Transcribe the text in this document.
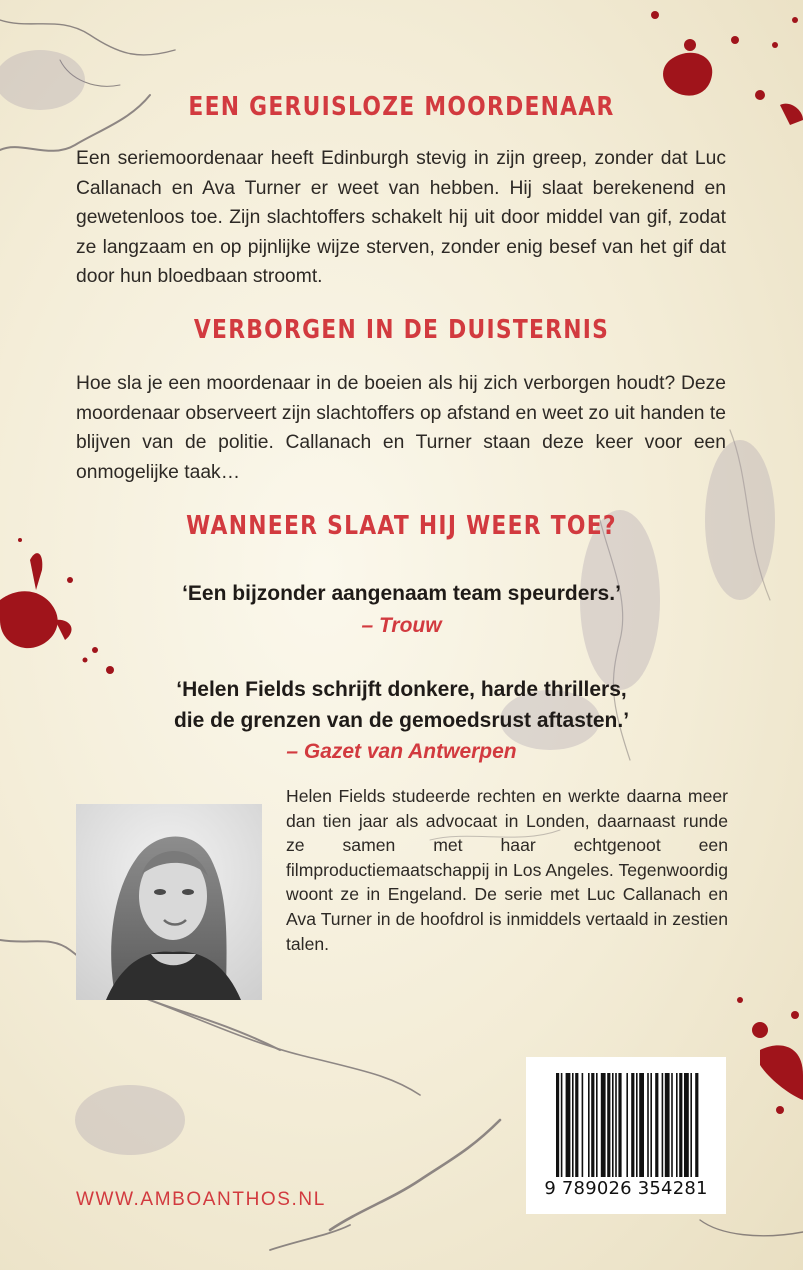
EEN GERUISLOZE MOORDENAAR

Een seriemoordenaar heeft Edinburgh stevig in zijn greep, zonder dat Luc Callanach en Ava Turner er weet van hebben. Hij slaat berekenend en gewetenloos toe. Zijn slachtoffers schakelt hij uit door middel van gif, zodat ze langzaam en op pijnlijke wijze sterven, zonder enig besef van het gif dat door hun bloedbaan stroomt.

VERBORGEN IN DE DUISTERNIS

Hoe sla je een moordenaar in de boeien als hij zich verborgen houdt? Deze moordenaar observeert zijn slachtoffers op afstand en weet zo uit handen te blijven van de politie. Callanach en Turner staan deze keer voor een onmogelijke taak…

WANNEER SLAAT HIJ WEER TOE?

‘Een bijzonder aangenaam team speurders.’

– Trouw

‘Helen Fields schrijft donkere, harde thrillers,

die de grenzen van de gemoedsrust aftasten.’

– Gazet van Antwerpen

Helen Fields studeerde rechten en werkte daarna meer dan tien jaar als advocaat in Londen, daarnaast runde ze samen met haar echtgenoot een filmproductiemaatschappij in Los Angeles. Tegenwoordig woont ze in Engeland. De serie met Luc Callanach en Ava Turner in de hoofdrol is inmiddels vertaald in zestien talen.

9 789026 354281
WWW.AMBOANTHOS.NL
